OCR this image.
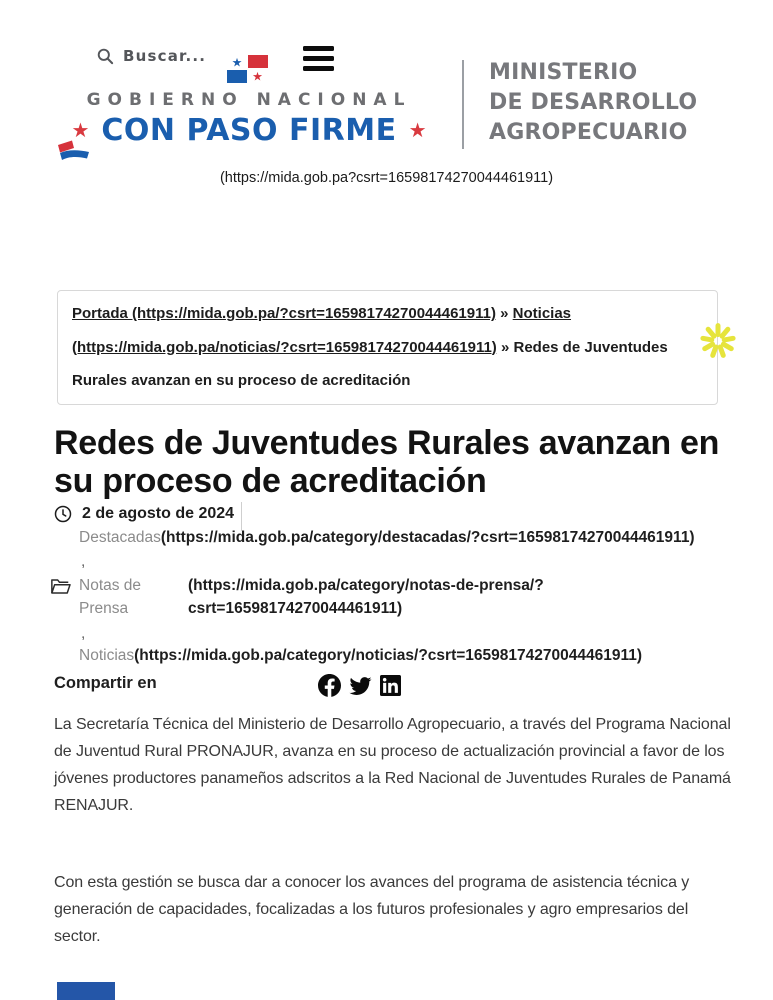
Buscar... ★
★
GOBIERNO NACIONAL
★ CON PASO FIRME ★
MINISTERIO
DE DESARROLLO
AGROPECUARIO
(https://mida.gob.pa?csrt=16598174270044461911)
Portada (https://mida.gob.pa/?csrt=16598174270044461911) » Noticias (https://mida.gob.pa/noticias/?csrt=16598174270044461911) » Redes de Juventudes Rurales avanzan en su proceso de acreditación
Redes de Juventudes Rurales avanzan en su proceso de acreditación
2 de agosto de 2024
Destacadas(https://mida.gob.pa/category/destacadas/?csrt=16598174270044461911)
,
Notas de Prensa
(https://mida.gob.pa/category/notas-de-prensa/?csrt=16598174270044461911)
,
Noticias(https://mida.gob.pa/category/noticias/?csrt=16598174270044461911)
Compartir en

La Secretaría Técnica del Ministerio de Desarrollo Agropecuario, a través del Programa Nacional de Juventud Rural PRONAJUR, avanza en su proceso de actualización provincial a favor de los jóvenes productores panameños adscritos a la Red Nacional de Juventudes Rurales de Panamá RENAJUR.

Con esta gestión se busca dar a conocer los avances del programa de asistencia técnica y generación de capacidades, focalizadas a los futuros profesionales y agro empresarios del sector.
